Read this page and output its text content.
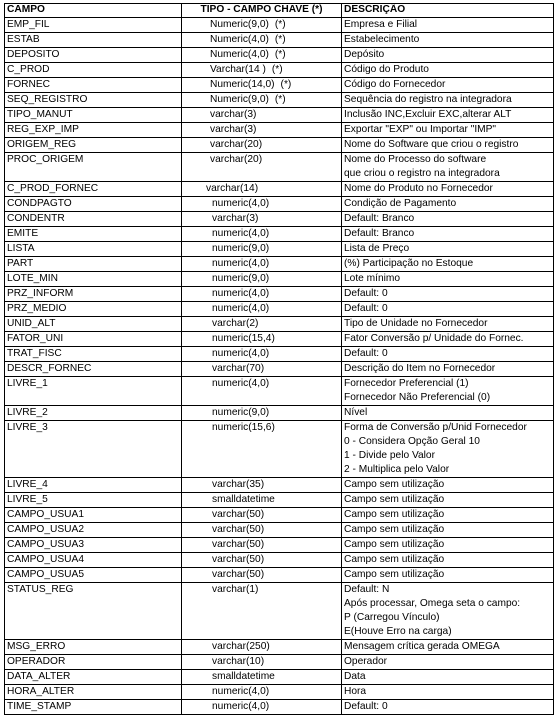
CAMPO	TIPO - CAMPO CHAVE (*)	DESCRIÇÃO

EMP_FIL	Numeric(9,0) (*)	Empresa e Filial

ESTAB	Numeric(4,0) (*)	Estabelecimento

DEPOSITO	Numeric(4,0) (*)	Depósito

C_PROD	Varchar(14 ) (*)	Código do Produto

FORNEC	Numeric(14,0) (*)	Código do Fornecedor

SEQ_REGISTRO	Numeric(9,0) (*)	Sequência do registro na integradora

TIPO_MANUT	varchar(3)	Inclusão INC,Excluir EXC,alterar ALT

REG_EXP_IMP	varchar(3)	Exportar "EXP" ou Importar "IMP"

ORIGEM_REG	varchar(20)	Nome do Software que criou o registro

PROC_ORIGEM	varchar(20)	Nome do Processo do software
que criou o registro na integradora

C_PROD_FORNEC	varchar(14)	Nome do Produto no Fornecedor

CONDPAGTO	numeric(4,0)	Condição de Pagamento

CONDENTR	varchar(3)	Default: Branco

EMITE	numeric(4,0)	Default: Branco

LISTA	numeric(9,0)	Lista de Preço

PART	numeric(4,0)	(%) Participação no Estoque

LOTE_MIN	numeric(9,0)	Lote mínimo

PRZ_INFORM	numeric(4,0)	Default: 0

PRZ_MEDIO	numeric(4,0)	Default: 0

UNID_ALT	varchar(2)	Tipo de Unidade no Fornecedor

FATOR_UNI	numeric(15,4)	Fator Conversão p/ Unidade do Fornec.

TRAT_FISC	numeric(4,0)	Default: 0

DESCR_FORNEC	varchar(70)	Descrição do Item no Fornecedor

LIVRE_1	numeric(4,0)	Fornecedor Preferencial (1)
Fornecedor Não Preferencial (0)

LIVRE_2	numeric(9,0)	Nível

LIVRE_3	numeric(15,6)	Forma de Conversão p/Unid Fornecedor
0 - Considera Opção Geral 10
1 - Divide pelo Valor
2 - Multiplica pelo Valor

LIVRE_4	varchar(35)	Campo sem utilização

LIVRE_5	smalldatetime	Campo sem utilização

CAMPO_USUA1	varchar(50)	Campo sem utilização

CAMPO_USUA2	varchar(50)	Campo sem utilização

CAMPO_USUA3	varchar(50)	Campo sem utilização

CAMPO_USUA4	varchar(50)	Campo sem utilização

CAMPO_USUA5	varchar(50)	Campo sem utilização

STATUS_REG	varchar(1)	Default: N
Após processar, Omega seta o campo:
P (Carregou Vínculo)
E(Houve Erro na carga)

MSG_ERRO	varchar(250)	Mensagem crítica gerada OMEGA

OPERADOR	varchar(10)	Operador

DATA_ALTER	smalldatetime	Data

HORA_ALTER	numeric(4,0)	Hora

TIME_STAMP	numeric(4,0)	Default: 0
